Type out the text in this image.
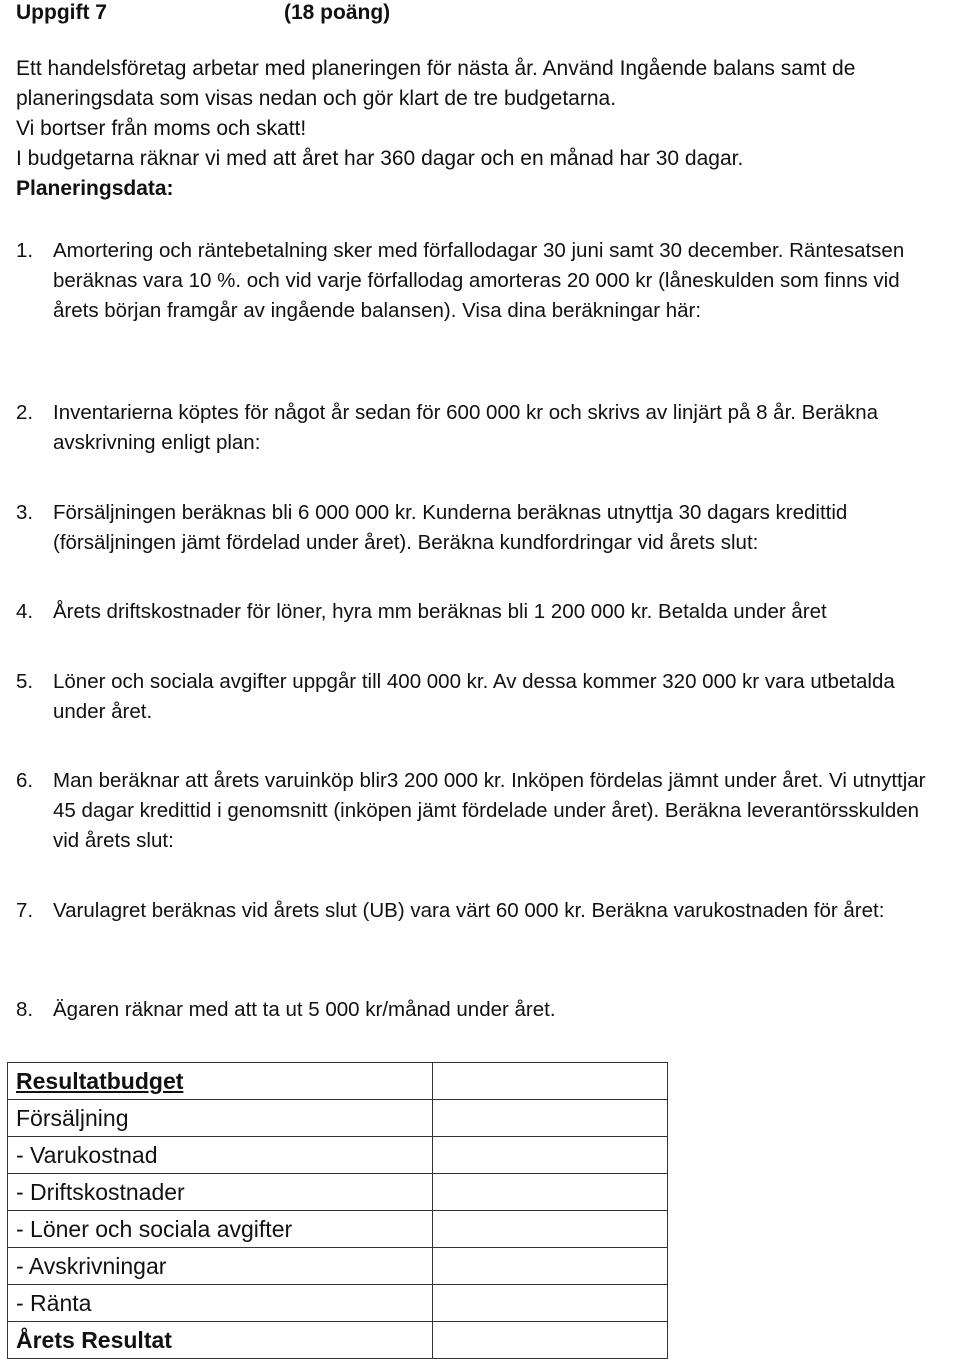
Uppgift 7	(18 poäng)

Ett handelsföretag arbetar med planeringen för nästa år. Använd Ingående balans samt de

planeringsdata som visas nedan och gör klart de tre budgetarna.

Vi bortser från moms och skatt!

I budgetarna räknar vi med att året har 360 dagar och en månad har 30 dagar.

Planeringsdata:

1. Amortering och räntebetalning sker med förfallodagar 30 juni samt 30 december. Räntesatsen beräknas vara 10 %. och vid varje förfallodag amorteras 20 000 kr (låneskulden som finns vid årets början framgår av ingående balansen). Visa dina beräkningar här:
2. Inventarierna köptes för något år sedan för 600 000 kr och skrivs av linjärt på 8 år. Beräkna avskrivning enligt plan:
3. Försäljningen beräknas bli 6 000 000 kr. Kunderna beräknas utnyttja 30 dagars kredittid (försäljningen jämt fördelad under året). Beräkna kundfordringar vid årets slut:
4. Årets driftskostnader för löner, hyra mm beräknas bli 1 200 000 kr. Betalda under året
5. Löner och sociala avgifter uppgår till 400 000 kr. Av dessa kommer 320 000 kr vara utbetalda under året.
6. Man beräknar att årets varuinköp blir3 200 000 kr. Inköpen fördelas jämnt under året. Vi utnyttjar 45 dagar kredittid i genomsnitt (inköpen jämt fördelade under året). Beräkna leverantörsskulden vid årets slut:
7. Varulagret beräknas vid årets slut (UB) vara värt 60 000 kr. Beräkna varukostnaden för året:
8. Ägaren räknar med att ta ut 5 000 kr/månad under året.
Resultatbudget	
Försäljning	
- Varukostnad	
- Driftskostnader	
- Löner och sociala avgifter	
- Avskrivningar	
- Ränta	
Årets Resultat	
